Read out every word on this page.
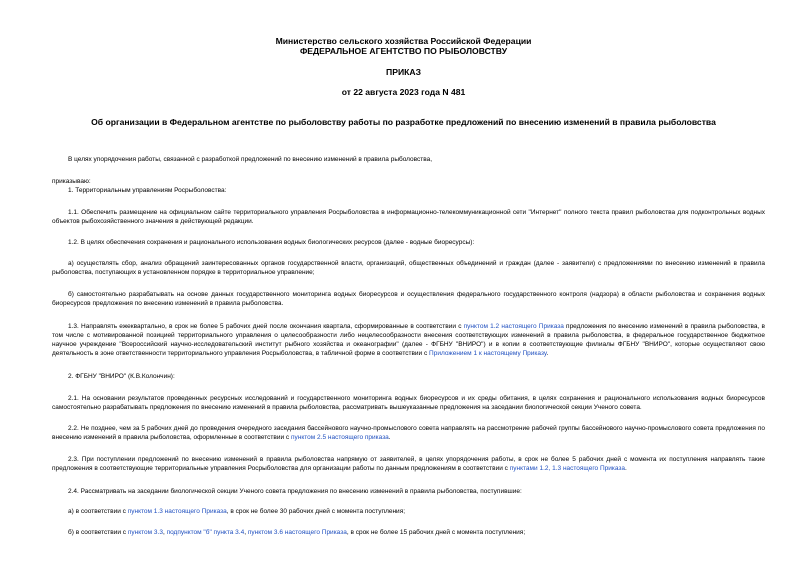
Министерство сельского хозяйства Российской Федерации
ФЕДЕРАЛЬНОЕ АГЕНТСТВО ПО РЫБОЛОВСТВУ
ПРИКАЗ
от 22 августа 2023 года N 481
Об организации в Федеральном агентстве по рыболовству работы по разработке предложений по внесению изменений в правила рыболовства
В целях упорядочения работы, связанной с разработкой предложений по внесению изменений в правила рыболовства,
приказываю:
1. Территориальным управлениям Росрыболовства:
1.1. Обеспечить размещение на официальном сайте территориального управления Росрыболовства в информационно-телекоммуникационной сети "Интернет" полного текста правил рыболовства для подконтрольных водных объектов рыбохозяйственного значения в действующей редакции.
1.2. В целях обеспечения сохранения и рационального использования водных биологических ресурсов (далее - водные биоресурсы):
а) осуществлять сбор, анализ обращений заинтересованных органов государственной власти, организаций, общественных объединений и граждан (далее - заявители) с предложениями по внесению изменений в правила рыболовства, поступающих в установленном порядке в территориальное управление;
б) самостоятельно разрабатывать на основе данных государственного мониторинга водных биоресурсов и осуществления федерального государственного контроля (надзора) в области рыболовства и сохранения водных биоресурсов предложения по внесению изменений в правила рыболовства.
1.3. Направлять ежеквартально, в срок не более 5 рабочих дней после окончания квартала, сформированные в соответствии с пунктом 1.2 настоящего Приказа предложения по внесению изменений в правила рыболовства, в том числе с мотивированной позицией территориального управления о целесообразности либо нецелесообразности внесения соответствующих изменений в правила рыболовства, в федеральное государственное бюджетное научное учреждение "Всероссийский научно-исследовательский институт рыбного хозяйства и океанографии" (далее - ФГБНУ "ВНИРО") и в копии в соответствующие филиалы ФГБНУ "ВНИРО", которые осуществляют свою деятельность в зоне ответственности территориального управления Росрыболовства, в табличной форме в соответствии с Приложением 1 к настоящему Приказу.
2. ФГБНУ "ВНИРО" (К.В.Колончин):
2.1. На основании результатов проведенных ресурсных исследований и государственного мониторинга водных биоресурсов и их среды обитания, в целях сохранения и рационального использования водных биоресурсов самостоятельно разрабатывать предложения по внесению изменений в правила рыболовства, рассматривать вышеуказанные предложения на заседании биологической секции Ученого совета.
2.2. Не позднее, чем за 5 рабочих дней до проведения очередного заседания бассейнового научно-промыслового совета направлять на рассмотрение рабочей группы бассейнового научно-промыслового совета предложения по внесению изменений в правила рыболовства, оформленные в соответствии с пунктом 2.5 настоящего приказа.
2.3. При поступлении предложений по внесению изменений в правила рыболовства напрямую от заявителей, в целях упорядочения работы, в срок не более 5 рабочих дней с момента их поступления направлять такие предложения в соответствующие территориальные управления Росрыболовства для организации работы по данным предложениям в соответствии с пунктами 1.2, 1.3 настоящего Приказа.
2.4. Рассматривать на заседании биологической секции Ученого совета предложения по внесению изменений в правила рыболовства, поступившие:
а) в соответствии с пунктом 1.3 настоящего Приказа, в срок не более 30 рабочих дней с момента поступления;
б) в соответствии с пунктом 3.3, подпунктом "б" пункта 3.4, пунктом 3.6 настоящего Приказа, в срок не более 15 рабочих дней с момента поступления;
